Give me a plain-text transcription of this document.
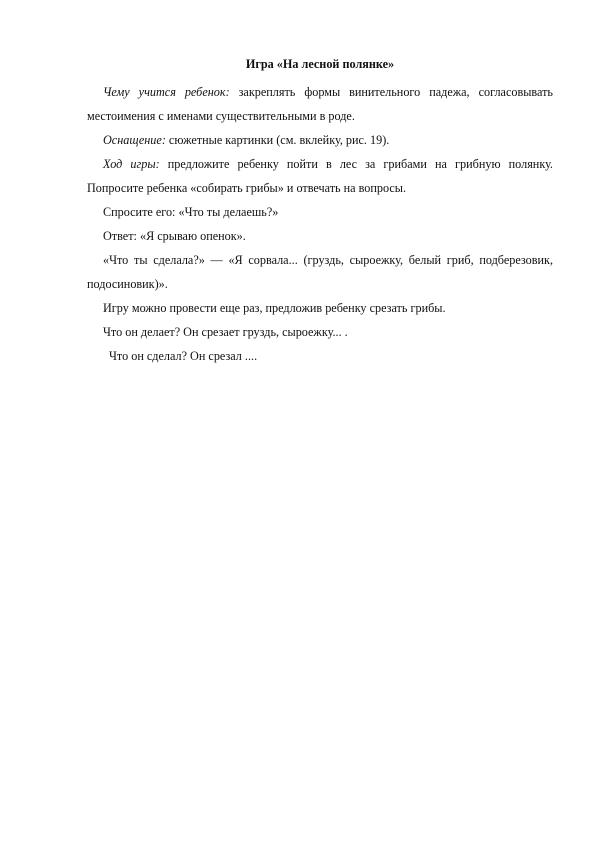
Игра «На лесной полянке»

Чему учится ребенок: закреплять формы винительного падежа, согласовывать местоимения с именами существительными в роде.

Оснащение: сюжетные картинки (см. вклейку, рис. 19).

Ход игры: предложите ребенку пойти в лес за грибами на грибную полянку. Попросите ребенка «собирать грибы» и отвечать на вопросы.

Спросите его: «Что ты делаешь?»

Ответ: «Я срываю опенок».

«Что ты сделала?» — «Я сорвала... (груздь, сыроежку, белый гриб, подберезовик, подосиновик)».

Игру можно провести еще раз, предложив ребенку срезать грибы.

Что он делает? Он срезает груздь, сыроежку... .

Что он сделал? Он срезал ....
